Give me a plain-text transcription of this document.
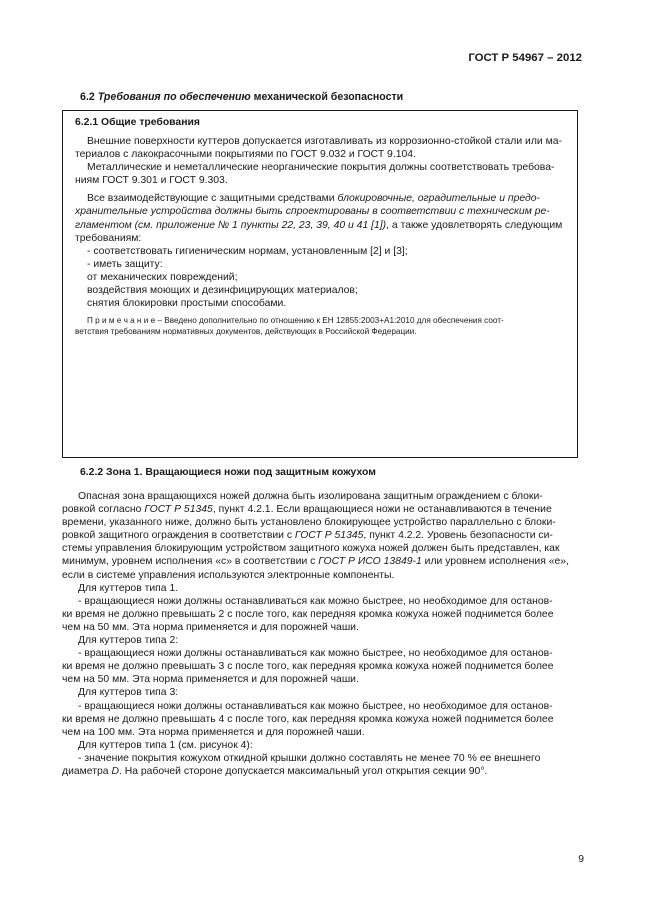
ГОСТ Р 54967 – 2012
6.2 Требования по обеспечению механической безопасности
6.2.1 Общие требования
Внешние поверхности куттеров допускается изготавливать из коррозионно-стойкой стали или ма-
териалов с лакокрасочными покрытиями по ГОСТ 9.032 и ГОСТ 9.104.
Металлические и неметаллические неорганические покрытия должны соответствовать требова-
ниям ГОСТ 9.301 и ГОСТ 9.303.
Все взаимодействующие с защитными средствами блокировочные, оградительные и предо-
хранительные устройства должны быть спроектированы в соответствии с техническим ре-
гламентом (см. приложение № 1 пункты 22, 23, 39, 40 и 41 [1]), а также удовлетворять следующим
требованиям:
- соответствовать гигиеническим нормам, установленным [2] и [3];
- иметь защиту:
от механических повреждений;
воздействия моющих и дезинфицирующих материалов;
снятия блокировки простыми способами.
П р и м е ч а н и е – Введено дополнительно по отношению к ЕН 12855:2003+А1:2010 для обеспечения соот-
ветствия требованиям нормативных документов, действующих в Российской Федерации.
6.2.2 Зона 1. Вращающиеся ножи под защитным кожухом
Опасная зона вращающихся ножей должна быть изолирована защитным ограждением с блоки-
ровкой согласно ГОСТ Р 51345, пункт 4.2.1. Если вращающиеся ножи не останавливаются в течение
времени, указанного ниже, должно быть установлено блокирующее устройство параллельно с блоки-
ровкой защитного ограждения в соответствии с ГОСТ Р 51345, пункт 4.2.2. Уровень безопасности си-
стемы управления блокирующим устройством защитного кожуха ножей должен быть представлен, как
минимум, уровнем исполнения «с» в соответствии с ГОСТ Р ИСО 13849-1 или уровнем исполнения «е»,
если в системе управления используются электронные компоненты.
Для куттеров типа 1.
- вращающиеся ножи должны останавливаться как можно быстрее, но необходимое для останов-
ки время не должно превышать 2 с после того, как передняя кромка кожуха ножей поднимется более
чем на 50 мм. Эта норма применяется и для порожней чаши.
Для куттеров типа 2:
- вращающиеся ножи должны останавливаться как можно быстрее, но необходимое для останов-
ки время не должно превышать 3 с после того, как передняя кромка кожуха ножей поднимется более
чем на 50 мм. Эта норма применяется и для порожней чаши.
Для куттеров типа 3:
- вращающиеся ножи должны останавливаться как можно быстрее, но необходимое для останов-
ки время не должно превышать 4 с после того, как передняя кромка кожуха ножей поднимется более
чем на 100 мм. Эта норма применяется и для порожней чаши.
Для куттеров типа 1 (см. рисунок 4):
- значение покрытия кожухом откидной крышки должно составлять не менее 70 % ее внешнего
диаметра D. На рабочей стороне допускается максимальный угол открытия секции 90°.
9
